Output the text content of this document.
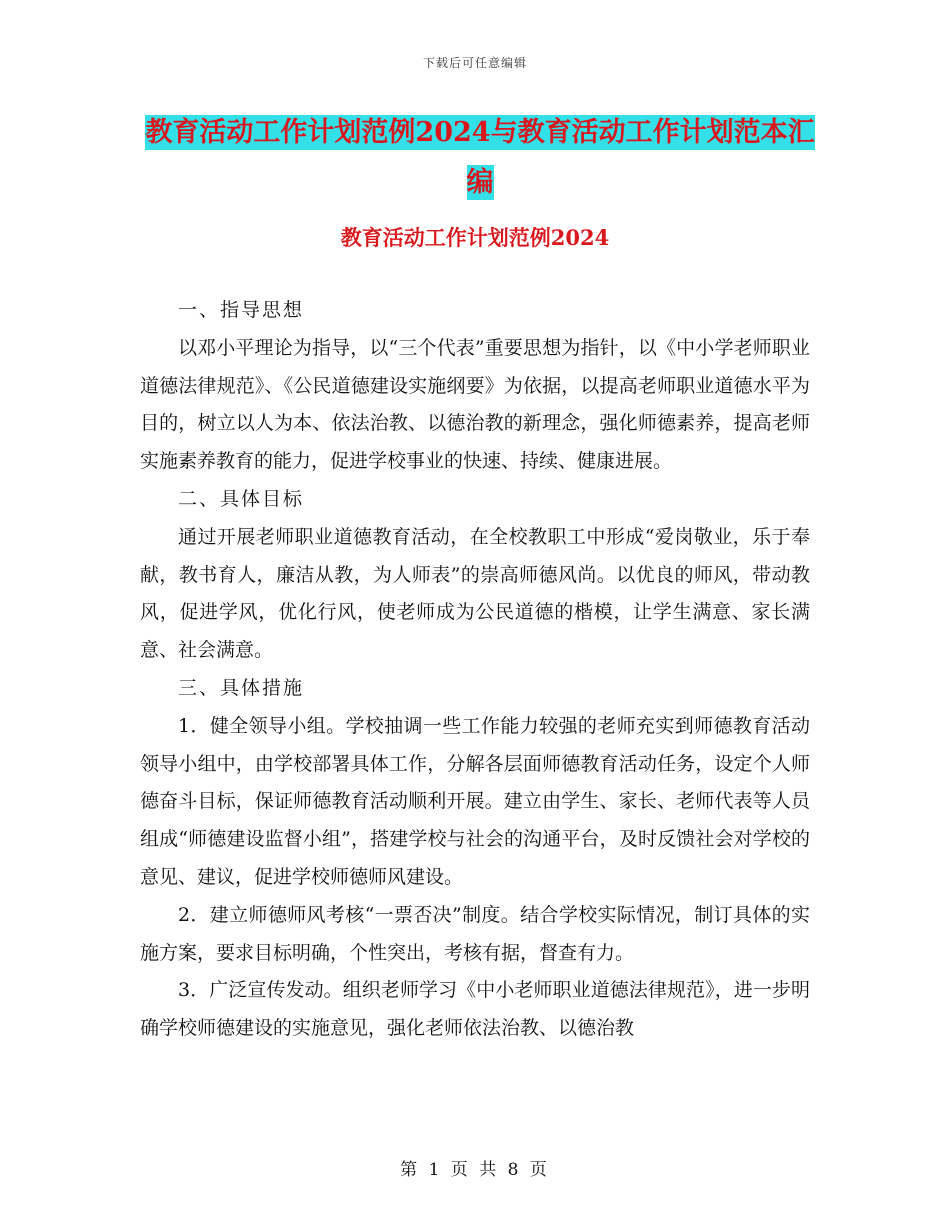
下载后可任意编辑
教育活动工作计划范例2024与教育活动工作计划范本汇编
教育活动工作计划范例2024

一、指导思想

以邓小平理论为指导，以“三个代表”重要思想为指针，以《中小学老师职业道德法律规范》、《公民道德建设实施纲要》为依据，以提高老师职业道德水平为目的，树立以人为本、依法治教、以德治教的新理念，强化师德素养，提高老师实施素养教育的能力，促进学校事业的快速、持续、健康进展。

二、具体目标

通过开展老师职业道德教育活动，在全校教职工中形成“爱岗敬业，乐于奉献，教书育人，廉洁从教，为人师表”的崇高师德风尚。以优良的师风，带动教风，促进学风，优化行风，使老师成为公民道德的楷模，让学生满意、家长满意、社会满意。

三、具体措施

1．健全领导小组。学校抽调一些工作能力较强的老师充实到师德教育活动领导小组中，由学校部署具体工作，分解各层面师德教育活动任务，设定个人师德奋斗目标，保证师德教育活动顺利开展。建立由学生、家长、老师代表等人员组成“师德建设监督小组”，搭建学校与社会的沟通平台，及时反馈社会对学校的意见、建议，促进学校师德师风建设。

2．建立师德师风考核“一票否决”制度。结合学校实际情况，制订具体的实施方案，要求目标明确，个性突出，考核有据，督查有力。

3．广泛宣传发动。组织老师学习《中小老师职业道德法律规范》，进一步明确学校师德建设的实施意见，强化老师依法治教、以德治教

第 1 页 共 8 页
